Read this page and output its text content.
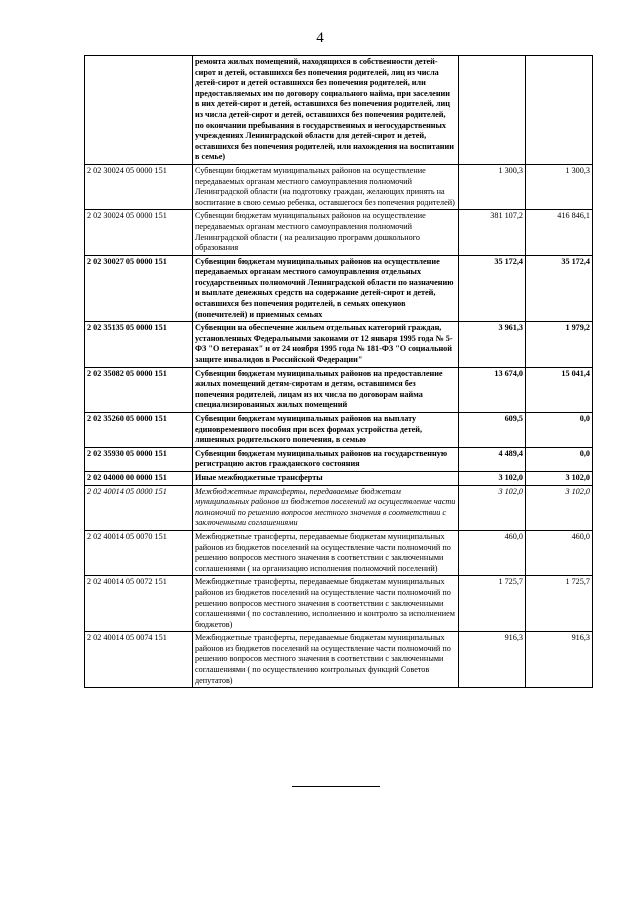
4
	ремонта жилых помещений, находящихся в собственности детей-сирот и детей, оставшихся без попечения родителей, лиц из числа детей-сирот и детей оставшихся без попечения родителей, или предоставляемых им по договору социального найма, при заселении в них детей-сирот и детей, оставшихся без попечения родителей, лиц из числа детей-сирот и детей, оставшихся без попечения родителей, по окончании пребывания в государственных и негосударственных учреждениях Ленинградской области для детей-сирот и детей, оставшихся без попечения родителей, или нахождения на воспитании в семье)		
2 02 30024 05 0000 151	Субвенции бюджетам муниципальных районов на осуществление передаваемых органам местного самоуправления полномочий Ленинградской области (на подготовку граждан, желающих принять на воспитание в свою семью ребенка, оставшегося без попечения родителей)	1 300,3	1 300,3
2 02 30024 05 0000 151	Субвенции бюджетам муниципальных районов на осуществление передаваемых органам местного самоуправления полномочий Ленинградской области ( на реализацию программ дошкольного образования	381 107,2	416 846,1
2 02 30027 05 0000 151	Субвенции бюджетам муниципальных районов на осуществление передаваемых органам местного самоуправления отдельных государственных полномочий Ленинградской области по назначению и выплате денежных средств на содержание детей-сирот и детей, оставшихся без попечения родителей, в семьях опекунов (попечителей) и приемных семьях	35 172,4	35 172,4
2 02 35135 05 0000 151	Субвенции на обеспечение жильем отдельных категорий граждан, установленных Федеральными законами от 12 января 1995 года № 5-ФЗ "О ветеранах" и от 24 ноября 1995 года № 181-ФЗ "О социальной защите инвалидов в Российской Федерации"	3 961,3	1 979,2
2 02 35082 05 0000 151	Субвенции бюджетам муниципальных районов на предоставление жилых помещений детям-сиротам и детям, оставшимся без попечения родителей, лицам из их числа по договорам найма специализированных жилых помещений	13 674,0	15 041,4
2 02 35260 05 0000 151	Субвенции бюджетам муниципальных районов на выплату единовременного пособия при всех формах устройства детей, лишенных родительского попечения, в семью	609,5	0,0
2 02 35930 05 0000 151	Субвенции бюджетам муниципальных районов на государственную регистрацию актов гражданского состояния	4 489,4	0,0
2 02 04000 00 0000 151	Иные межбюджетные трансферты	3 102,0	3 102,0
2 02 40014 05 0000 151	Межбюджетные трансферты, передаваемые бюджетам муниципальных районов из бюджетов поселений на осуществление части полномочий по решению вопросов местного значения в соответствии с заключенными соглашениями	3 102,0	3 102,0
2 02 40014 05 0070 151	Межбюджетные трансферты, передаваемые бюджетам муниципальных районов из бюджетов поселений на осуществление части полномочий по решению вопросов местного значения в соответствии с заключенными соглашениями ( на организацию исполнения полномочий поселений)	460,0	460,0
2 02 40014 05 0072 151	Межбюджетные трансферты, передаваемые бюджетам муниципальных районов из бюджетов поселений на осуществление части полномочий по решению вопросов местного значения в соответствии с заключенными соглашениями ( по составлению, исполнению и контролю за исполнением бюджетов)	1 725,7	1 725,7
2 02 40014 05 0074 151	Межбюджетные трансферты, передаваемые бюджетам муниципальных районов из бюджетов поселений на осуществление части полномочий по решению вопросов местного значения в соответствии с заключенными соглашениями ( по осуществлению контрольных функций Советов депутатов)	916,3	916,3
